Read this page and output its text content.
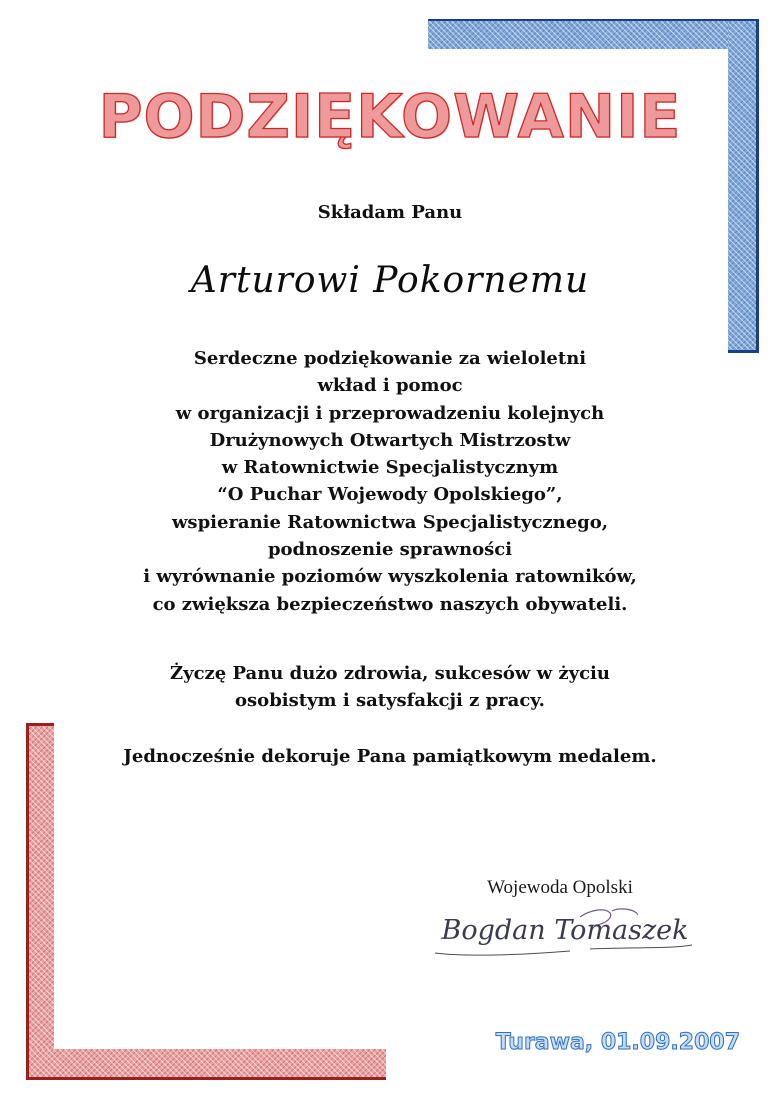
PODZIĘKOWANIE
Składam Panu
Arturowi Pokornemu
Serdeczne podziękowanie za wieloletni
wkład i pomoc
w organizacji i przeprowadzeniu kolejnych
Drużynowych Otwartych Mistrzostw
w Ratownictwie Specjalistycznym
“O Puchar Wojewody Opolskiego”,
wspieranie Ratownictwa Specjalistycznego,
podnoszenie sprawności
i wyrównanie poziomów wyszkolenia ratowników,
co zwiększa bezpieczeństwo naszych obywateli.
Życzę Panu dużo zdrowia, sukcesów w życiu
osobistym i satysfakcji z pracy.
Jednocześnie dekoruje Pana pamiątkowym medalem.
Wojewoda Opolski
Bogdan Tomaszek
Turawa, 01.09.2007
